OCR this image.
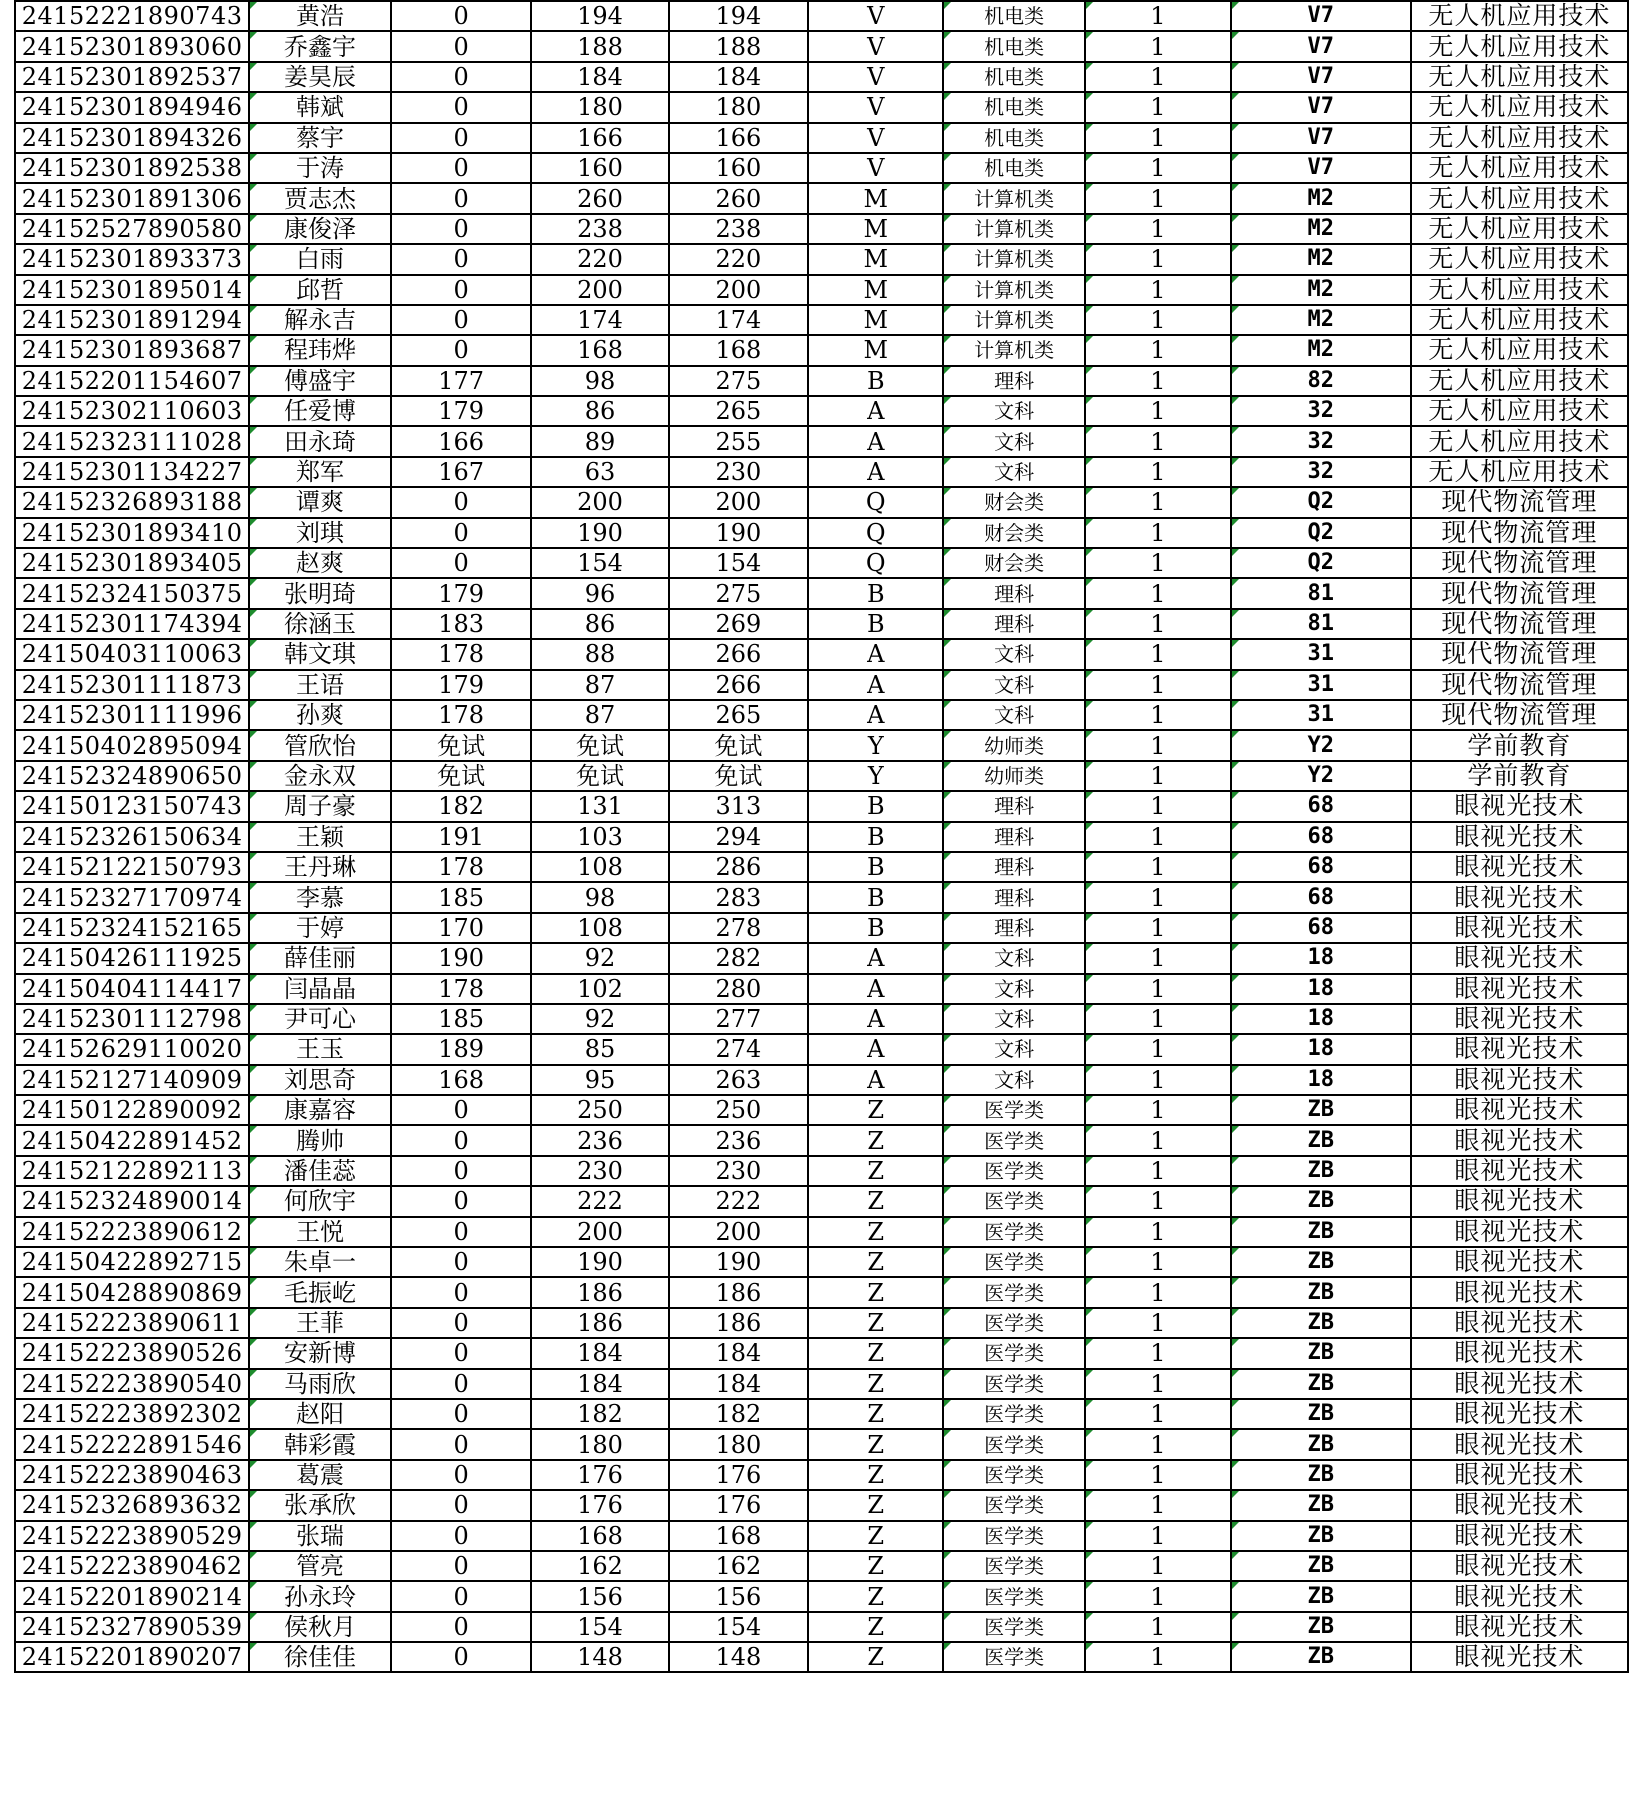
24152221890743	黄浩	0	194	194	V	机电类	1	V7	无人机应用技术
24152301893060	乔鑫宇	0	188	188	V	机电类	1	V7	无人机应用技术
24152301892537	姜昊辰	0	184	184	V	机电类	1	V7	无人机应用技术
24152301894946	韩斌	0	180	180	V	机电类	1	V7	无人机应用技术
24152301894326	蔡宇	0	166	166	V	机电类	1	V7	无人机应用技术
24152301892538	于涛	0	160	160	V	机电类	1	V7	无人机应用技术
24152301891306	贾志杰	0	260	260	M	计算机类	1	M2	无人机应用技术
24152527890580	康俊泽	0	238	238	M	计算机类	1	M2	无人机应用技术
24152301893373	白雨	0	220	220	M	计算机类	1	M2	无人机应用技术
24152301895014	邱哲	0	200	200	M	计算机类	1	M2	无人机应用技术
24152301891294	解永吉	0	174	174	M	计算机类	1	M2	无人机应用技术
24152301893687	程玮烨	0	168	168	M	计算机类	1	M2	无人机应用技术
24152201154607	傅盛宇	177	98	275	B	理科	1	82	无人机应用技术
24152302110603	任爱博	179	86	265	A	文科	1	32	无人机应用技术
24152323111028	田永琦	166	89	255	A	文科	1	32	无人机应用技术
24152301134227	郑军	167	63	230	A	文科	1	32	无人机应用技术
24152326893188	谭爽	0	200	200	Q	财会类	1	Q2	现代物流管理
24152301893410	刘琪	0	190	190	Q	财会类	1	Q2	现代物流管理
24152301893405	赵爽	0	154	154	Q	财会类	1	Q2	现代物流管理
24152324150375	张明琦	179	96	275	B	理科	1	81	现代物流管理
24152301174394	徐涵玉	183	86	269	B	理科	1	81	现代物流管理
24150403110063	韩文琪	178	88	266	A	文科	1	31	现代物流管理
24152301111873	王语	179	87	266	A	文科	1	31	现代物流管理
24152301111996	孙爽	178	87	265	A	文科	1	31	现代物流管理
24150402895094	管欣怡	免试	免试	免试	Y	幼师类	1	Y2	学前教育
24152324890650	金永双	免试	免试	免试	Y	幼师类	1	Y2	学前教育
24150123150743	周子豪	182	131	313	B	理科	1	68	眼视光技术
24152326150634	王颖	191	103	294	B	理科	1	68	眼视光技术
24152122150793	王丹琳	178	108	286	B	理科	1	68	眼视光技术
24152327170974	李慕	185	98	283	B	理科	1	68	眼视光技术
24152324152165	于婷	170	108	278	B	理科	1	68	眼视光技术
24150426111925	薛佳丽	190	92	282	A	文科	1	18	眼视光技术
24150404114417	闫晶晶	178	102	280	A	文科	1	18	眼视光技术
24152301112798	尹可心	185	92	277	A	文科	1	18	眼视光技术
24152629110020	王玉	189	85	274	A	文科	1	18	眼视光技术
24152127140909	刘思奇	168	95	263	A	文科	1	18	眼视光技术
24150122890092	康嘉容	0	250	250	Z	医学类	1	ZB	眼视光技术
24150422891452	腾帅	0	236	236	Z	医学类	1	ZB	眼视光技术
24152122892113	潘佳蕊	0	230	230	Z	医学类	1	ZB	眼视光技术
24152324890014	何欣宇	0	222	222	Z	医学类	1	ZB	眼视光技术
24152223890612	王悦	0	200	200	Z	医学类	1	ZB	眼视光技术
24150422892715	朱卓一	0	190	190	Z	医学类	1	ZB	眼视光技术
24150428890869	毛振屹	0	186	186	Z	医学类	1	ZB	眼视光技术
24152223890611	王菲	0	186	186	Z	医学类	1	ZB	眼视光技术
24152223890526	安新博	0	184	184	Z	医学类	1	ZB	眼视光技术
24152223890540	马雨欣	0	184	184	Z	医学类	1	ZB	眼视光技术
24152223892302	赵阳	0	182	182	Z	医学类	1	ZB	眼视光技术
24152222891546	韩彩霞	0	180	180	Z	医学类	1	ZB	眼视光技术
24152223890463	葛震	0	176	176	Z	医学类	1	ZB	眼视光技术
24152326893632	张承欣	0	176	176	Z	医学类	1	ZB	眼视光技术
24152223890529	张瑞	0	168	168	Z	医学类	1	ZB	眼视光技术
24152223890462	管亮	0	162	162	Z	医学类	1	ZB	眼视光技术
24152201890214	孙永玲	0	156	156	Z	医学类	1	ZB	眼视光技术
24152327890539	侯秋月	0	154	154	Z	医学类	1	ZB	眼视光技术
24152201890207	徐佳佳	0	148	148	Z	医学类	1	ZB	眼视光技术
